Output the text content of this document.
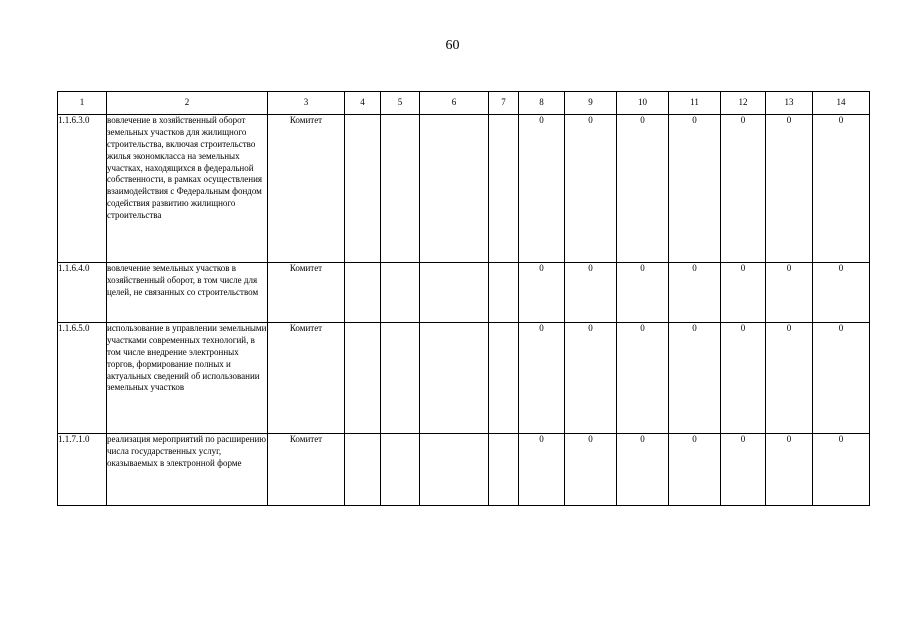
60
1	2	3	4	5	6	7	8	9	10	11	12	13	14
1.1.6.3.0	вовлечение в хозяйственный оборот земельных участков для жилищного строительства, включая строительство жилья экономкласса на земельных участках, находящихся в федеральной собственности, в рамках осуществления взаимодействия с Федеральным фондом содействия развитию жилищного строительства	Комитет					0	0	0	0	0	0	0
1.1.6.4.0	вовлечение земельных участков в хозяйственный оборот, в том числе для целей, не связанных со строительством	Комитет					0	0	0	0	0	0	0
1.1.6.5.0	использование в управлении земельными участками современных технологий, в том числе внедрение электронных торгов, формирование полных и актуальных сведений об использовании земельных участков	Комитет					0	0	0	0	0	0	0
1.1.7.1.0	реализация мероприятий по расширению числа государственных услуг, оказываемых в электронной форме	Комитет					0	0	0	0	0	0	0
